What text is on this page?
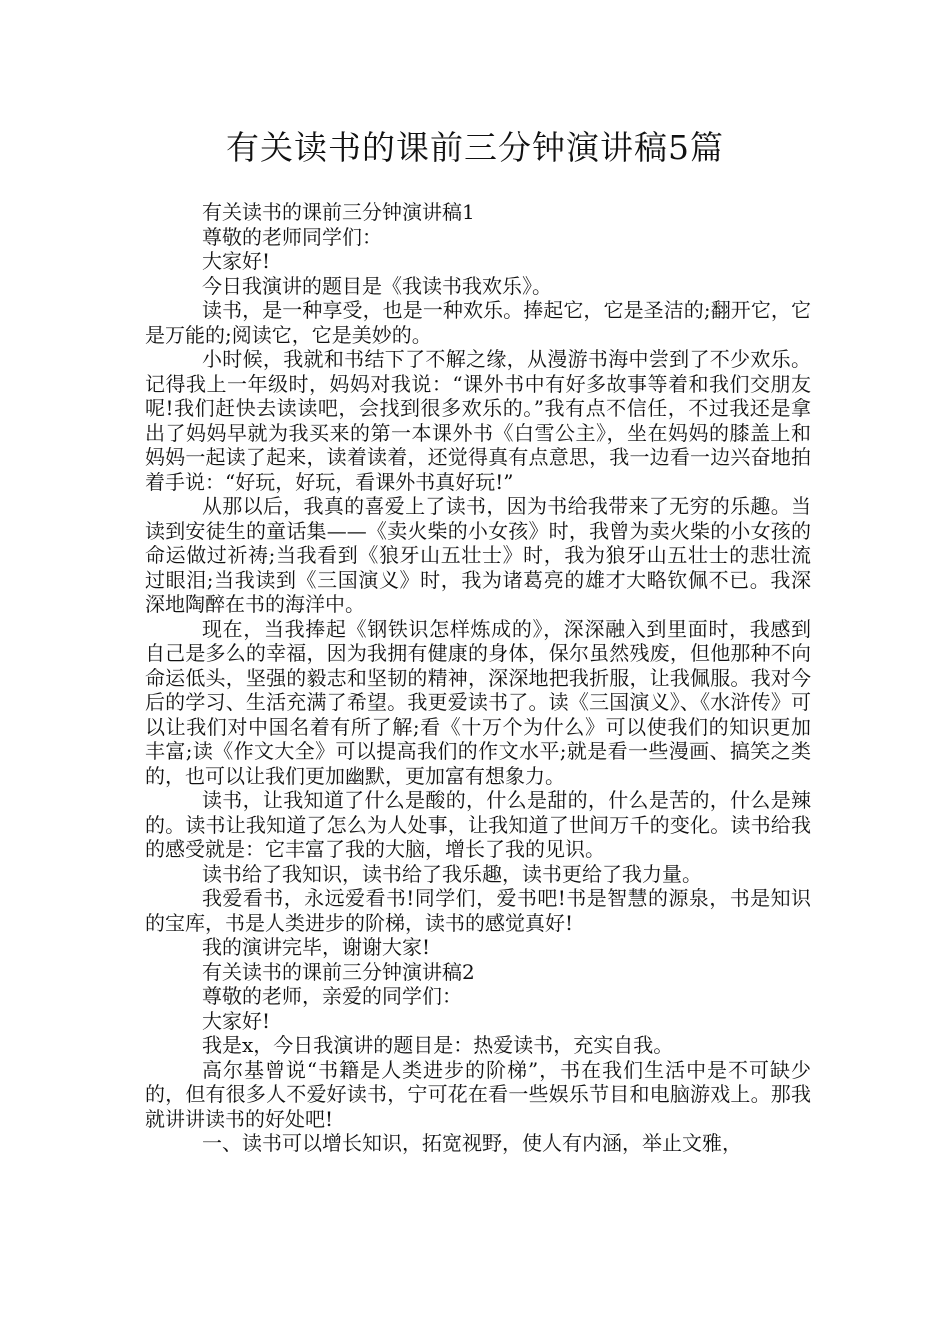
有关读书的课前三分钟演讲稿5篇

有关读书的课前三分钟演讲稿1

尊敬的老师同学们：

大家好!

今日我演讲的题目是《我读书我欢乐》。

读书，是一种享受，也是一种欢乐。捧起它，它是圣洁的;翻开它，它是万能的;阅读它，它是美妙的。

小时候，我就和书结下了不解之缘，从漫游书海中尝到了不少欢乐。记得我上一年级时，妈妈对我说：“课外书中有好多故事等着和我们交朋友呢!我们赶快去读读吧，会找到很多欢乐的。”我有点不信任，不过我还是拿出了妈妈早就为我买来的第一本课外书《白雪公主》，坐在妈妈的膝盖上和妈妈一起读了起来，读着读着，还觉得真有点意思，我一边看一边兴奋地拍着手说：“好玩，好玩，看课外书真好玩!”

从那以后，我真的喜爱上了读书，因为书给我带来了无穷的乐趣。当读到安徒生的童话集——《卖火柴的小女孩》时，我曾为卖火柴的小女孩的命运做过祈祷;当我看到《狼牙山五壮士》时，我为狼牙山五壮士的悲壮流过眼泪;当我读到《三国演义》时，我为诸葛亮的雄才大略钦佩不已。我深深地陶醉在书的海洋中。

现在，当我捧起《钢铁识怎样炼成的》，深深融入到里面时，我感到自己是多么的幸福，因为我拥有健康的身体，保尔虽然残废，但他那种不向命运低头，坚强的毅志和坚韧的精神，深深地把我折服，让我佩服。我对今后的学习、生活充满了希望。我更爱读书了。读《三国演义》、《水浒传》可以让我们对中国名着有所了解;看《十万个为什么》可以使我们的知识更加丰富;读《作文大全》可以提高我们的作文水平;就是看一些漫画、搞笑之类的，也可以让我们更加幽默，更加富有想象力。

读书，让我知道了什么是酸的，什么是甜的，什么是苦的，什么是辣的。读书让我知道了怎么为人处事，让我知道了世间万千的变化。读书给我的感受就是：它丰富了我的大脑，增长了我的见识。

读书给了我知识，读书给了我乐趣，读书更给了我力量。

我爱看书，永远爱看书!同学们，爱书吧!书是智慧的源泉，书是知识的宝库，书是人类进步的阶梯，读书的感觉真好!

我的演讲完毕，谢谢大家!

有关读书的课前三分钟演讲稿2

尊敬的老师，亲爱的同学们：

大家好!

我是x，今日我演讲的题目是：热爱读书，充实自我。

高尔基曾说“书籍是人类进步的阶梯”，书在我们生活中是不可缺少的，但有很多人不爱好读书，宁可花在看一些娱乐节目和电脑游戏上。那我就讲讲读书的好处吧!

一、读书可以增长知识，拓宽视野，使人有内涵，举止文雅，
